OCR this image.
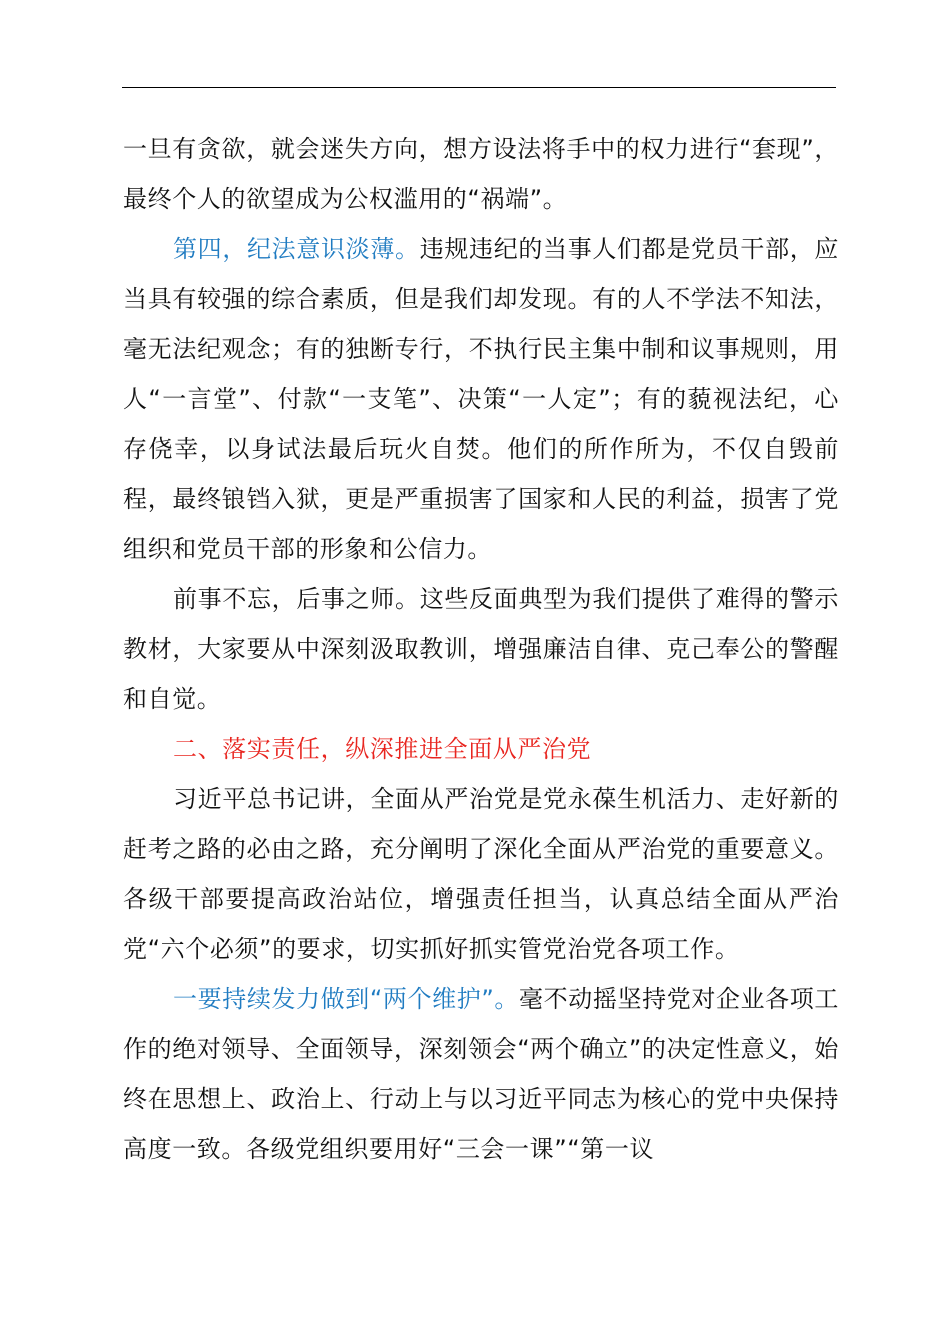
一旦有贪欲，就会迷失方向，想方设法将手中的权力进行“套现”，最终个人的欲望成为公权滥用的“祸端”。

第四，纪法意识淡薄。违规违纪的当事人们都是党员干部，应当具有较强的综合素质，但是我们却发现。有的人不学法不知法，毫无法纪观念；有的独断专行，不执行民主集中制和议事规则，用人“一言堂”、付款“一支笔”、决策“一人定”；有的藐视法纪，心存侥幸，以身试法最后玩火自焚。他们的所作所为，不仅自毁前程，最终锒铛入狱，更是严重损害了国家和人民的利益，损害了党组织和党员干部的形象和公信力。

前事不忘，后事之师。这些反面典型为我们提供了难得的警示教材，大家要从中深刻汲取教训，增强廉洁自律、克己奉公的警醒和自觉。

二、落实责任，纵深推进全面从严治党

习近平总书记讲，全面从严治党是党永葆生机活力、走好新的赶考之路的必由之路，充分阐明了深化全面从严治党的重要意义。各级干部要提高政治站位，增强责任担当，认真总结全面从严治党“六个必须”的要求，切实抓好抓实管党治党各项工作。

一要持续发力做到“两个维护”。毫不动摇坚持党对企业各项工作的绝对领导、全面领导，深刻领会“两个确立”的决定性意义，始终在思想上、政治上、行动上与以习近平同志为核心的党中央保持高度一致。各级党组织要用好“三会一课”“第一议
